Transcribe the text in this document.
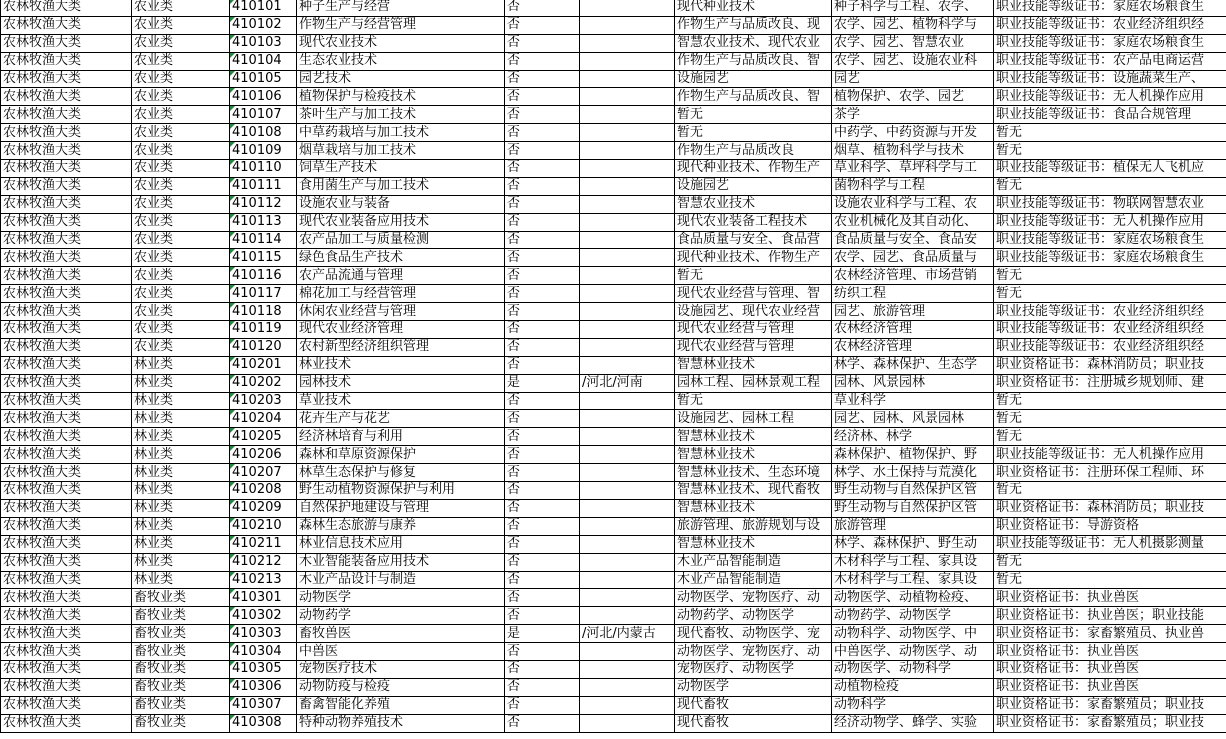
农林牧渔大类	农业类	410101	种子生产与经营	否		现代种业技术	种子科学与工程、农学、	职业技能等级证书：家庭农场粮食生
农林牧渔大类	农业类	410102	作物生产与经营管理	否		作物生产与品质改良、现	农学、园艺、植物科学与	职业技能等级证书：农业经济组织经
农林牧渔大类	农业类	410103	现代农业技术	否		智慧农业技术、现代农业	农学、园艺、智慧农业	职业技能等级证书：家庭农场粮食生
农林牧渔大类	农业类	410104	生态农业技术	否		作物生产与品质改良、智	农学、园艺、设施农业科	职业技能等级证书：农产品电商运营
农林牧渔大类	农业类	410105	园艺技术	否		设施园艺	园艺	职业技能等级证书：设施蔬菜生产、
农林牧渔大类	农业类	410106	植物保护与检疫技术	否		作物生产与品质改良、智	植物保护、农学、园艺	职业技能等级证书：无人机操作应用
农林牧渔大类	农业类	410107	茶叶生产与加工技术	否		暂无	茶学	职业技能等级证书：食品合规管理
农林牧渔大类	农业类	410108	中草药栽培与加工技术	否		暂无	中药学、中药资源与开发	暂无
农林牧渔大类	农业类	410109	烟草栽培与加工技术	否		作物生产与品质改良	烟草、植物科学与技术	暂无
农林牧渔大类	农业类	410110	饲草生产技术	否		现代种业技术、作物生产	草业科学、草坪科学与工	职业技能等级证书：植保无人飞机应
农林牧渔大类	农业类	410111	食用菌生产与加工技术	否		设施园艺	菌物科学与工程	暂无
农林牧渔大类	农业类	410112	设施农业与装备	否		智慧农业技术	设施农业科学与工程、农	职业技能等级证书：物联网智慧农业
农林牧渔大类	农业类	410113	现代农业装备应用技术	否		现代农业装备工程技术	农业机械化及其自动化、	职业技能等级证书：无人机操作应用
农林牧渔大类	农业类	410114	农产品加工与质量检测	否		食品质量与安全、食品营	食品质量与安全、食品安	职业技能等级证书：家庭农场粮食生
农林牧渔大类	农业类	410115	绿色食品生产技术	否		现代种业技术、作物生产	农学、园艺、食品质量与	职业技能等级证书：家庭农场粮食生
农林牧渔大类	农业类	410116	农产品流通与管理	否		暂无	农林经济管理、市场营销	暂无
农林牧渔大类	农业类	410117	棉花加工与经营管理	否		现代农业经营与管理、智	纺织工程	暂无
农林牧渔大类	农业类	410118	休闲农业经营与管理	否		设施园艺、现代农业经营	园艺、旅游管理	职业技能等级证书：农业经济组织经
农林牧渔大类	农业类	410119	现代农业经济管理	否		现代农业经营与管理	农林经济管理	职业技能等级证书：农业经济组织经
农林牧渔大类	农业类	410120	农村新型经济组织管理	否		现代农业经营与管理	农林经济管理	职业技能等级证书：农业经济组织经
农林牧渔大类	林业类	410201	林业技术	否		智慧林业技术	林学、森林保护、生态学	职业资格证书：森林消防员；职业技
农林牧渔大类	林业类	410202	园林技术	是	/河北/河南	园林工程、园林景观工程	园林、风景园林	职业资格证书：注册城乡规划师、建
农林牧渔大类	林业类	410203	草业技术	否		暂无	草业科学	暂无
农林牧渔大类	林业类	410204	花卉生产与花艺	否		设施园艺、园林工程	园艺、园林、风景园林	暂无
农林牧渔大类	林业类	410205	经济林培育与利用	否		智慧林业技术	经济林、林学	暂无
农林牧渔大类	林业类	410206	森林和草原资源保护	否		智慧林业技术	森林保护、植物保护、野	职业技能等级证书：无人机操作应用
农林牧渔大类	林业类	410207	林草生态保护与修复	否		智慧林业技术、生态环境	林学、水土保持与荒漠化	职业资格证书：注册环保工程师、环
农林牧渔大类	林业类	410208	野生动植物资源保护与利用	否		智慧林业技术、现代畜牧	野生动物与自然保护区管	暂无
农林牧渔大类	林业类	410209	自然保护地建设与管理	否		智慧林业技术	野生动物与自然保护区管	职业资格证书：森林消防员；职业技
农林牧渔大类	林业类	410210	森林生态旅游与康养	否		旅游管理、旅游规划与设	旅游管理	职业资格证书：导游资格
农林牧渔大类	林业类	410211	林业信息技术应用	否		智慧林业技术	林学、森林保护、野生动	职业技能等级证书：无人机摄影测量
农林牧渔大类	林业类	410212	木业智能装备应用技术	否		木业产品智能制造	木材科学与工程、家具设	暂无
农林牧渔大类	林业类	410213	木业产品设计与制造	否		木业产品智能制造	木材科学与工程、家具设	暂无
农林牧渔大类	畜牧业类	410301	动物医学	否		动物医学、宠物医疗、动	动物医学、动植物检疫、	职业资格证书：执业兽医
农林牧渔大类	畜牧业类	410302	动物药学	否		动物药学、动物医学	动物药学、动物医学	职业资格证书：执业兽医；职业技能
农林牧渔大类	畜牧业类	410303	畜牧兽医	是	/河北/内蒙古	现代畜牧、动物医学、宠	动物科学、动物医学、中	职业资格证书：家畜繁殖员、执业兽
农林牧渔大类	畜牧业类	410304	中兽医	否		动物医学、宠物医疗、动	中兽医学、动物医学、动	职业资格证书：执业兽医
农林牧渔大类	畜牧业类	410305	宠物医疗技术	否		宠物医疗、动物医学	动物医学、动物科学	职业资格证书：执业兽医
农林牧渔大类	畜牧业类	410306	动物防疫与检疫	否		动物医学	动植物检疫	职业资格证书：执业兽医
农林牧渔大类	畜牧业类	410307	畜禽智能化养殖	否		现代畜牧	动物科学	职业资格证书：家畜繁殖员；职业技
农林牧渔大类	畜牧业类	410308	特种动物养殖技术	否		现代畜牧	经济动物学、蜂学、实验	职业资格证书：家畜繁殖员；职业技
